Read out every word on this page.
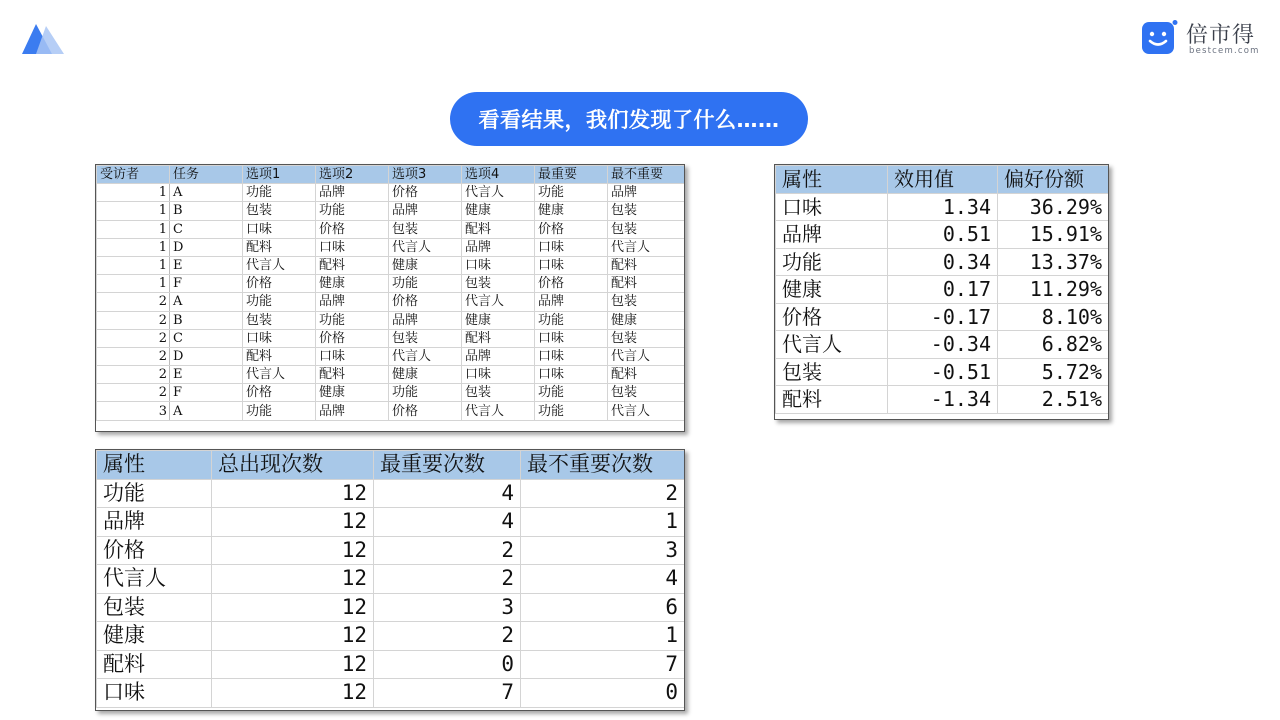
倍市得
bestcem.com
看看结果，我们发现了什么……
受访者	任务	选项1	选项2	选项3	选项4	最重要	最不重要
1	A	功能	品牌	价格	代言人	功能	品牌
1	B	包装	功能	品牌	健康	健康	包装
1	C	口味	价格	包装	配料	价格	包装
1	D	配料	口味	代言人	品牌	口味	代言人
1	E	代言人	配料	健康	口味	口味	配料
1	F	价格	健康	功能	包装	价格	配料
2	A	功能	品牌	价格	代言人	品牌	包装
2	B	包装	功能	品牌	健康	功能	健康
2	C	口味	价格	包装	配料	口味	包装
2	D	配料	口味	代言人	品牌	口味	代言人
2	E	代言人	配料	健康	口味	口味	配料
2	F	价格	健康	功能	包装	功能	包装
3	A	功能	品牌	价格	代言人	功能	代言人
属性	效用值	偏好份额
口味	1.34	36.29%
品牌	0.51	15.91%
功能	0.34	13.37%
健康	0.17	11.29%
价格	-0.17	8.10%
代言人	-0.34	6.82%
包装	-0.51	5.72%
配料	-1.34	2.51%
属性	总出现次数	最重要次数	最不重要次数
功能	12	4	2
品牌	12	4	1
价格	12	2	3
代言人	12	2	4
包装	12	3	6
健康	12	2	1
配料	12	0	7
口味	12	7	0
